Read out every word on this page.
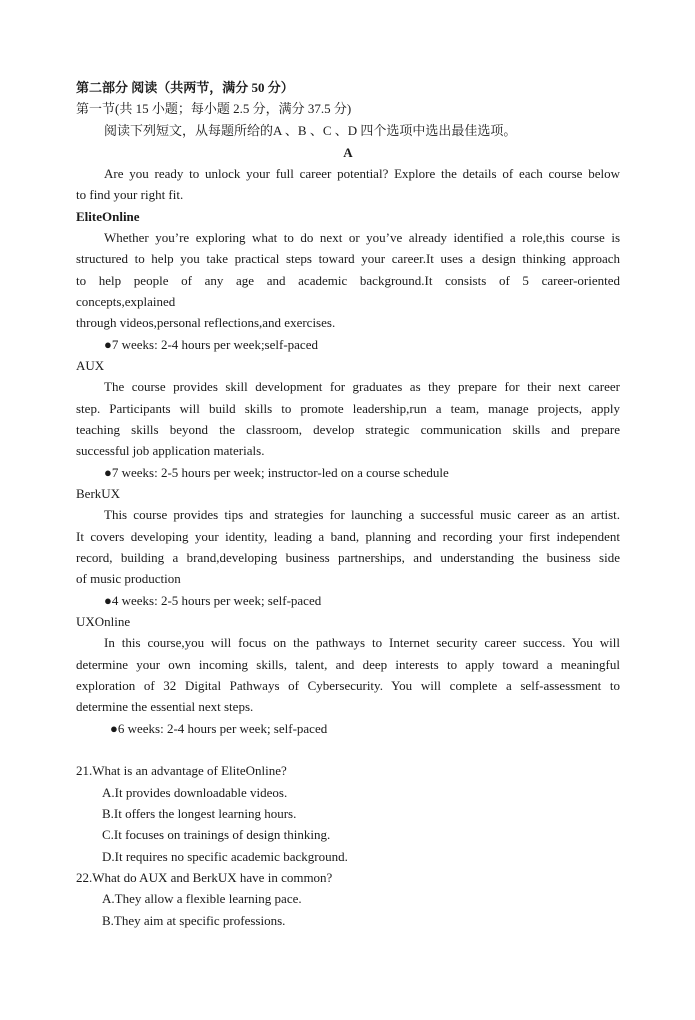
第二部分 阅读（共两节，满分 50 分）
第一节(共 15 小题；每小题 2.5 分，满分 37.5 分)
阅读下列短文，从每题所给的A 、B 、C 、D 四个选项中选出最佳选项。
A
Are you ready to unlock your full career potential? Explore the details of each course below
to find your right fit.
EliteOnline
Whether you’re exploring what to do next or you’ve already identified a role,this course is
structured to help you take practical steps toward your career.It uses a design thinking approach
to help people of any age and academic background.It consists of 5 career-oriented
concepts,explained
through videos,personal reflections,and exercises.
●7 weeks: 2-4 hours per week;self-paced
AUX
The course provides skill development for graduates as they prepare for their next career
step. Participants will build skills to promote leadership,run a team, manage projects, apply
teaching skills beyond the classroom, develop strategic communication skills and prepare
successful job application materials.
●7 weeks: 2-5 hours per week; instructor-led on a course schedule
BerkUX
This course provides tips and strategies for launching a successful music career as an artist.
It covers developing your identity, leading a band, planning and recording your first independent
record, building a brand,developing business partnerships, and understanding the business side
of music production
●4 weeks: 2-5 hours per week; self-paced
UXOnline
In this course,you will focus on the pathways to Internet security career success. You will
determine your own incoming skills, talent, and deep interests to apply toward a meaningful
exploration of 32 Digital Pathways of Cybersecurity. You will complete a self-assessment to
determine the essential next steps.
●6 weeks: 2-4 hours per week; self-paced
21.What is an advantage of EliteOnline?
A.It provides downloadable videos.
B.It offers the longest learning hours.
C.It focuses on trainings of design thinking.
D.It requires no specific academic background.
22.What do AUX and BerkUX have in common?
A.They allow a flexible learning pace.
B.They aim at specific professions.
